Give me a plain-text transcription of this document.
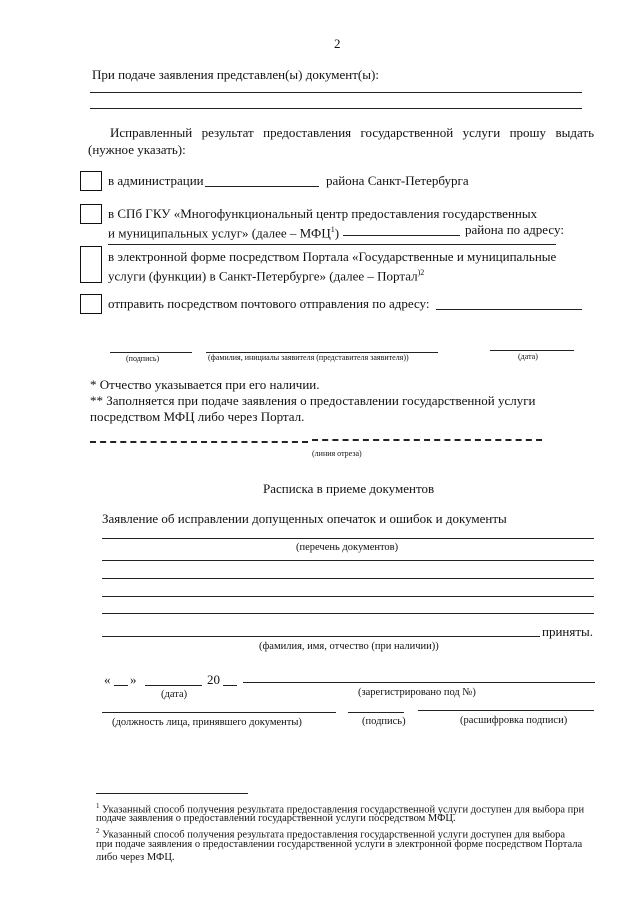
2
При подаче заявления представлен(ы) документ(ы):
Исправленный результат предоставления государственной услуги прошу выдать
(нужное указать):
в администрации	района Санкт-Петербурга
в СПб ГКУ «Многофункциональный центр предоставления государственных
и муниципальных услуг» (далее – МФЦ$^1$)	района по адресу:
в электронной форме посредством Портала «Государственные и муниципальные
услуги (функции) в Санкт-Петербурге» (далее – Портал$^{)2}$
отправить посредством почтового отправления по адресу:
(подпись)	(фамилия, инициалы заявителя (представителя заявителя))	(дата)
* Отчество указывается при его наличии.
** Заполняется при подаче заявления о предоставлении государственной услуги
посредством МФЦ либо через Портал.
(линия отреза)
Расписка в приеме документов
Заявление об исправлении допущенных опечаток и ошибок и документы
(перечень документов)
приняты.
(фамилия, имя, отчество (при наличии))
« »	20
(дата)	(зарегистрировано под №)
(должность лица, принявшего документы)	(подпись)	(расшифровка подписи)
$^1$ Указанный способ получения результата предоставления государственной услуги доступен для выбора при
подаче заявления о предоставлении государственной услуги посредством МФЦ.
$^2$ Указанный способ получения результата предоставления государственной услуги доступен для выбора
при подаче заявления о предоставлении государственной услуги в электронной форме посредством Портала
либо через МФЦ.
